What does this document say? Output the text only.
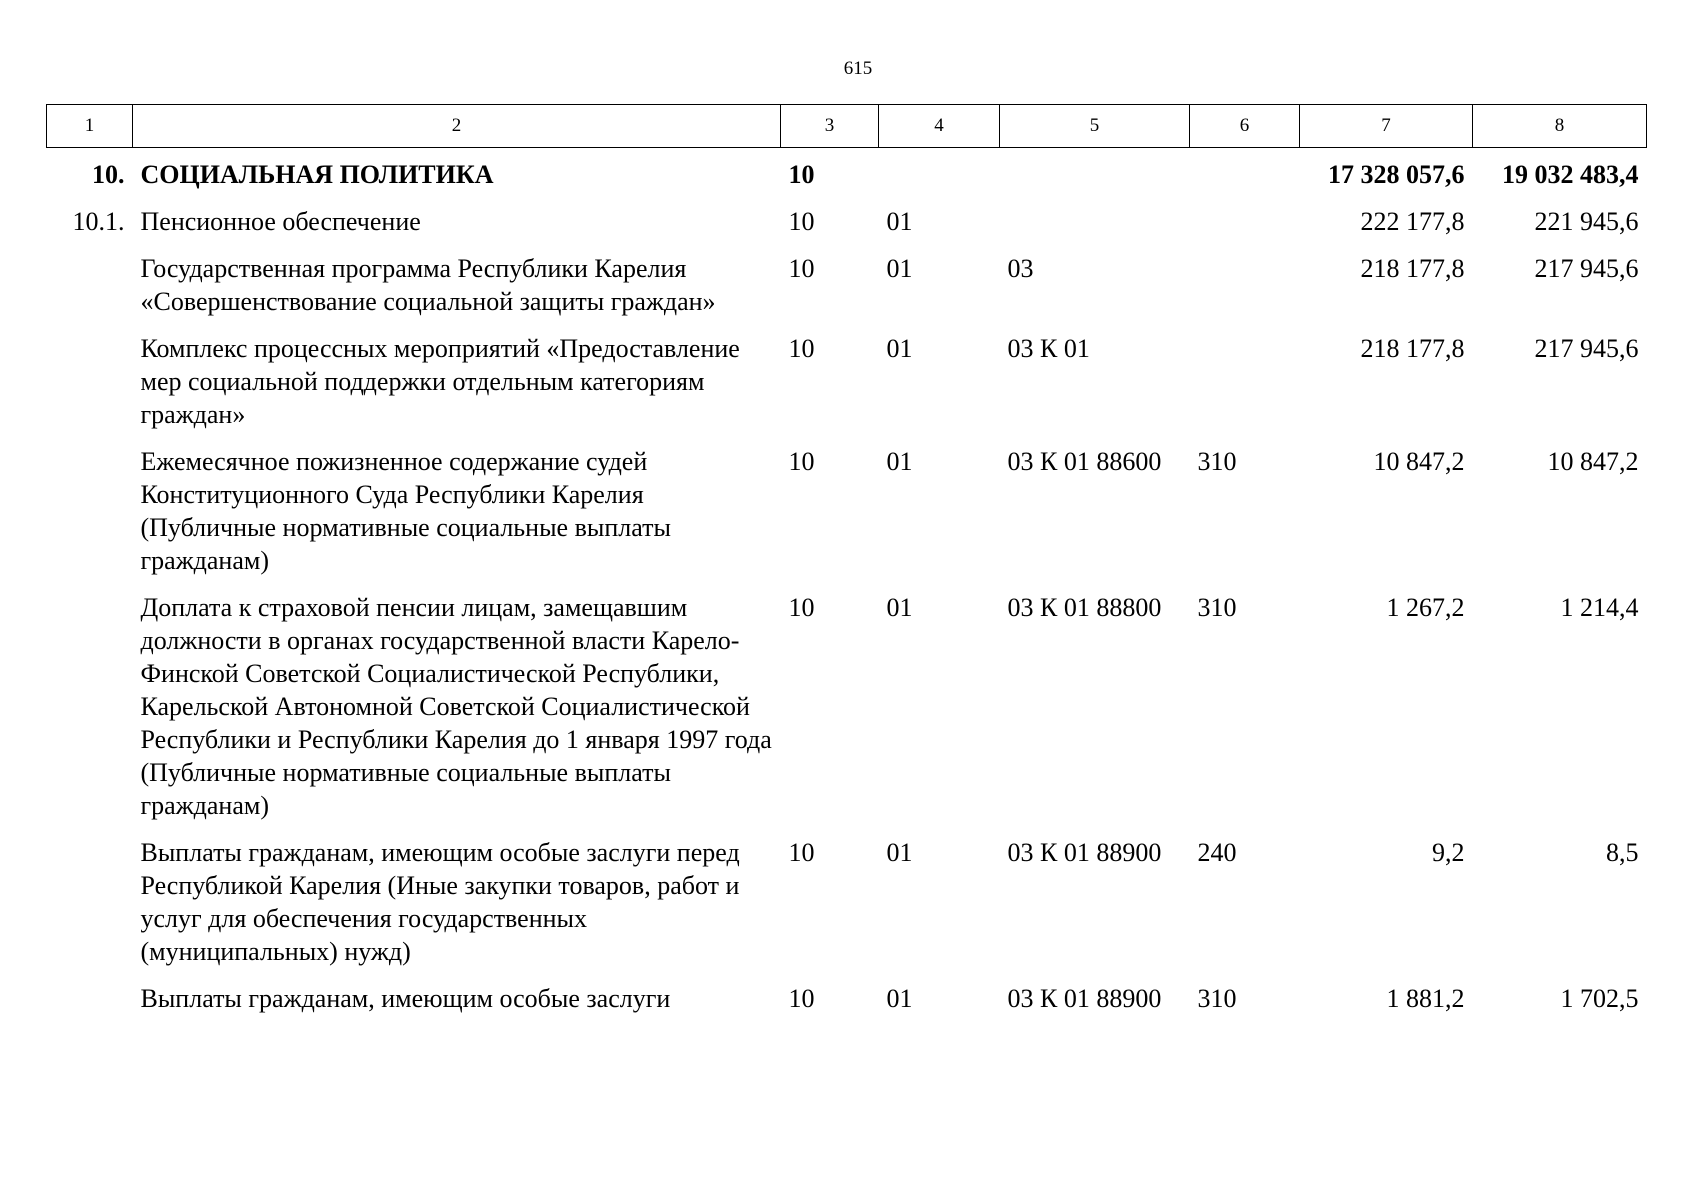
615
1	2	3	4	5	6	7	8
10.	СОЦИАЛЬНАЯ ПОЛИТИКА	10				17 328 057,6	19 032 483,4
10.1.	Пенсионное обеспечение	10	01			222 177,8	221 945,6
	Государственная программа Республики Карелия «Совершенствование социальной защиты граждан»	10	01	03		218 177,8	217 945,6
	Комплекс процессных мероприятий «Предоставление мер социальной поддержки отдельным категориям граждан»	10	01	03 К 01		218 177,8	217 945,6
	Ежемесячное пожизненное содержание судей Конституционного Суда Республики Карелия (Публичные нормативные социальные выплаты гражданам)	10	01	03 К 01 88600	310	10 847,2	10 847,2
	Доплата к страховой пенсии лицам, замещавшим должности в органах государственной власти Карело-Финской Советской Социалистической Республики, Карельской Автономной Советской Социалистической Республики и Республики Карелия до 1 января 1997 года (Публичные нормативные социальные выплаты гражданам)	10	01	03 К 01 88800	310	1 267,2	1 214,4
	Выплаты гражданам, имеющим особые заслуги перед Республикой Карелия (Иные закупки товаров, работ и услуг для обеспечения государственных (муниципальных) нужд)	10	01	03 К 01 88900	240	9,2	8,5
	Выплаты гражданам, имеющим особые заслуги	10	01	03 К 01 88900	310	1 881,2	1 702,5
